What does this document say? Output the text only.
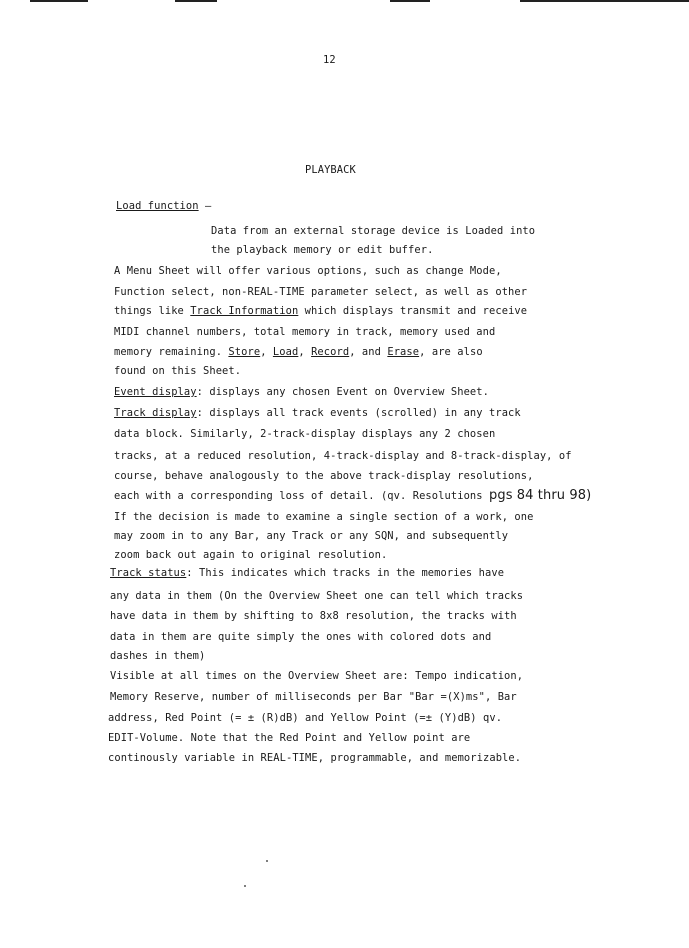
12
PLAYBACK
Load function –
Data from an external storage device is Loaded into
the playback memory or edit buffer.
A Menu Sheet will offer various options, such as change Mode,
Function select, non-REAL-TIME parameter select, as well as other
things like Track Information which displays transmit and receive
MIDI channel numbers, total memory in track, memory used and
memory remaining. Store, Load, Record, and Erase, are also
found on this Sheet.
Event display: displays any chosen Event on Overview Sheet.
Track display: displays all track events (scrolled) in any track
data block. Similarly, 2-track-display displays any 2 chosen
tracks, at a reduced resolution, 4-track-display and 8-track-display, of
course, behave analogously to the above track-display resolutions,
each with a corresponding loss of detail. (qv. Resolutions pgs 84 thru 98)
If the decision is made to examine a single section of a work, one
may zoom in to any Bar, any Track or any SQN, and subsequently
zoom back out again to original resolution.
Track status: This indicates which tracks in the memories have
any data in them (On the Overview Sheet one can tell which tracks
have data in them by shifting to 8x8 resolution, the tracks with
data in them are quite simply the ones with colored dots and
dashes in them)
Visible at all times on the Overview Sheet are: Tempo indication,
Memory Reserve, number of milliseconds per Bar "Bar =(X)ms", Bar
address, Red Point (= ± (R)dB) and Yellow Point (=± (Y)dB) qv.
EDIT-Volume. Note that the Red Point and Yellow point are
continously variable in REAL-TIME, programmable, and memorizable.
